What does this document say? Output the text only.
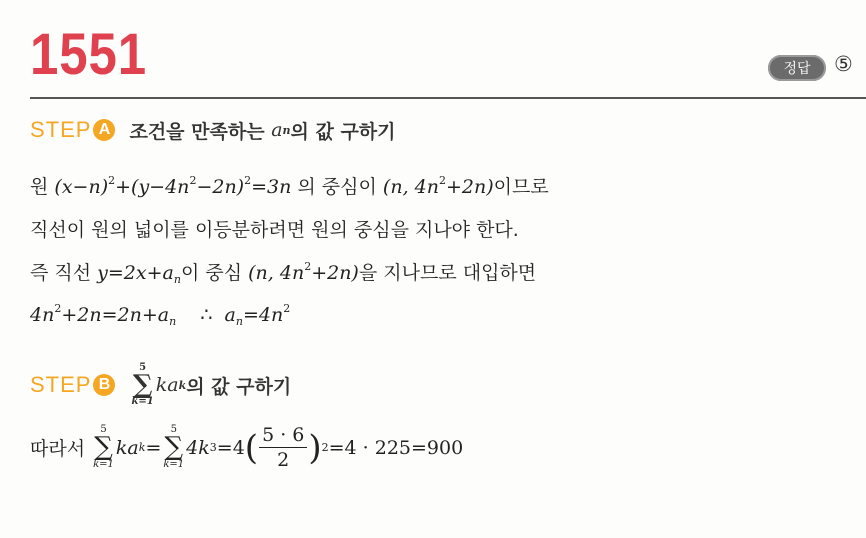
1551	정답	⑤
STEP A 조건을 만족하는
a n 의 값 구하기
원 $(x-n)^2+(y-4n^2-2n)^2=3n$ 의 중심이 (n, $4n^2+2n$)이므로
직선이 원의 넓이를 이등분하려면 원의 중심을 지나야 한다.
즉 직선 $y=2x+a_n$이 중심 (n, $4n^2+2n$)을 지나므로 대입하면
$4n^2+2n=2n+a_n$ ∴ $a_n=4n^2$
STEP B
5
∑
k=1
k a k 의 값 구하기
따라서

5
∑
k=1
ka k =
5
∑
k=1
4k 3 =4 ( $\frac{5 \cdot 6}{2}$ ) 2 =4 · 225=900
